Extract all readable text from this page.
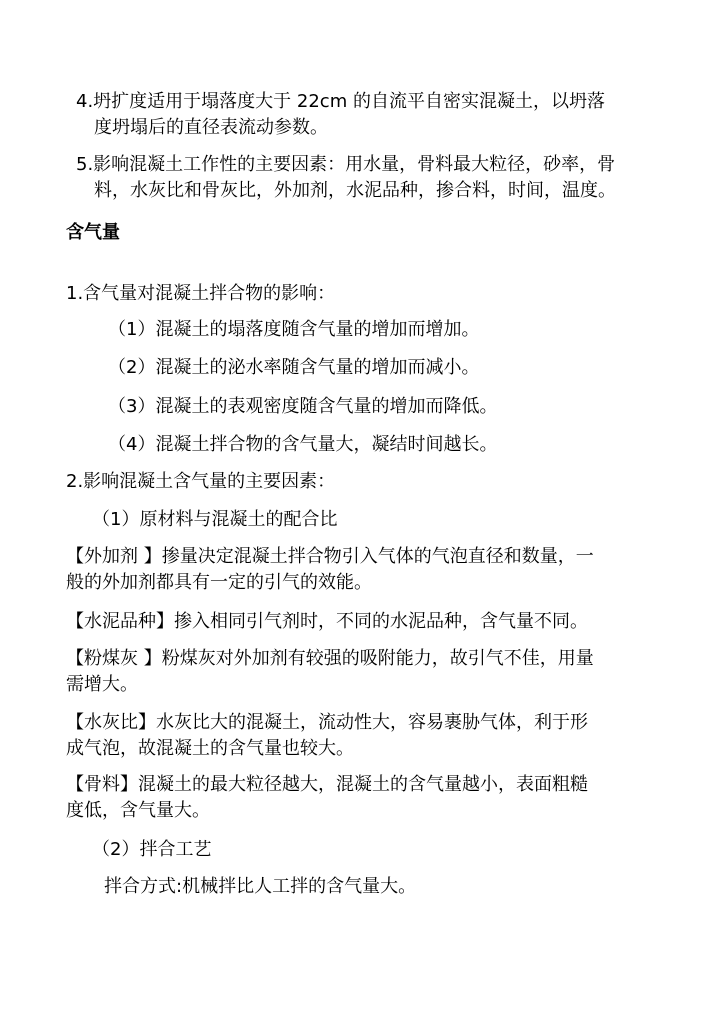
4.坍扩度适用于塌落度大于 22cm 的自流平自密实混凝土，以坍落
度坍塌后的直径表流动参数。
5.影响混凝土工作性的主要因素：用水量，骨料最大粒径，砂率，骨
料，水灰比和骨灰比，外加剂，水泥品种，掺合料，时间，温度。
含气量
1.含气量对混凝土拌合物的影响：
（1）混凝土的塌落度随含气量的增加而增加。
（2）混凝土的泌水率随含气量的增加而减小。
（3）混凝土的表观密度随含气量的增加而降低。
（4）混凝土拌合物的含气量大，凝结时间越长。
2.影响混凝土含气量的主要因素：
（1）原材料与混凝土的配合比
【外加剂 】掺量决定混凝土拌合物引入气体的气泡直径和数量，一
般的外加剂都具有一定的引气的效能。
【水泥品种】掺入相同引气剂时，不同的水泥品种，含气量不同。
【粉煤灰 】粉煤灰对外加剂有较强的吸附能力，故引气不佳，用量
需增大。
【水灰比】水灰比大的混凝土，流动性大，容易裹胁气体，利于形
成气泡，故混凝土的含气量也较大。
【骨料】混凝土的最大粒径越大，混凝土的含气量越小，表面粗糙
度低，含气量大。
（2）拌合工艺
拌合方式:机械拌比人工拌的含气量大。
